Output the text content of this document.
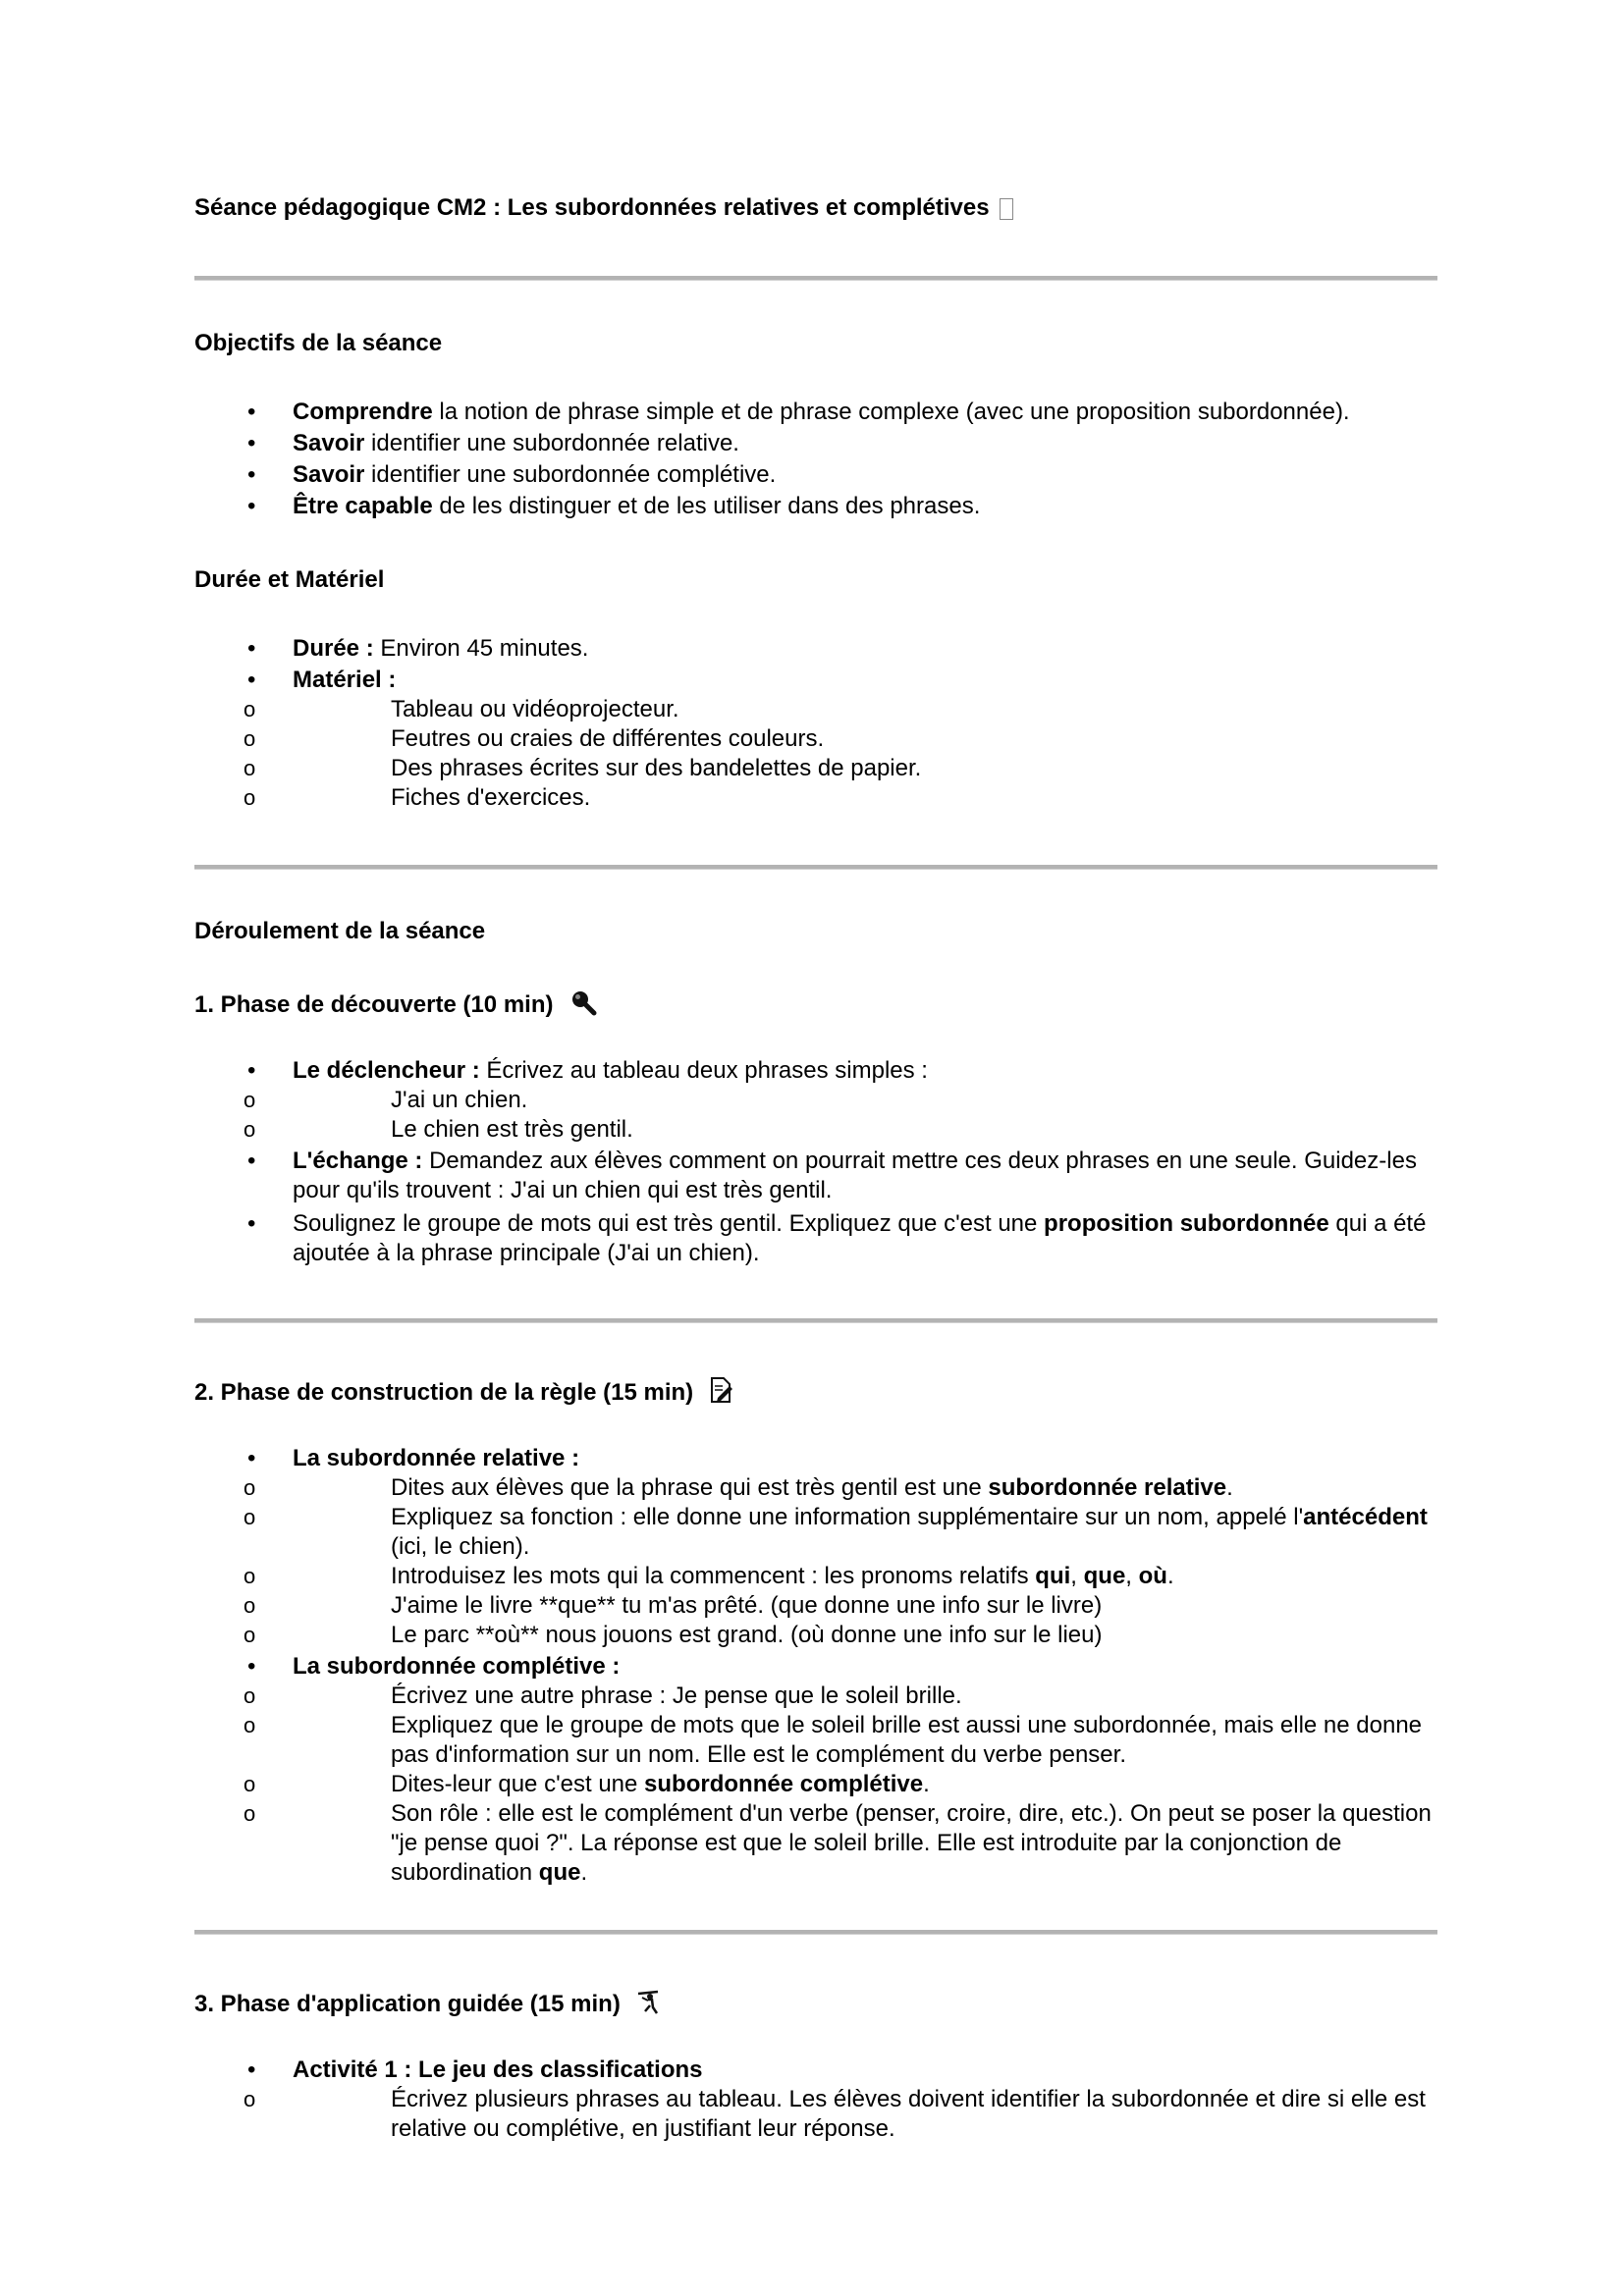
Séance pédagogique CM2 : Les subordonnées relatives et complétives
Objectifs de la séance
• Comprendre la notion de phrase simple et de phrase complexe (avec une proposition subordonnée).
• Savoir identifier une subordonnée relative.
• Savoir identifier une subordonnée complétive.
• Être capable de les distinguer et de les utiliser dans des phrases.
Durée et Matériel
• Durée : Environ 45 minutes.
• Matériel :
o Tableau ou vidéoprojecteur.
o Feutres ou craies de différentes couleurs.
o Des phrases écrites sur des bandelettes de papier.
o Fiches d'exercices.
Déroulement de la séance
1. Phase de découverte (10 min)
• Le déclencheur : Écrivez au tableau deux phrases simples :
o J'ai un chien.
o Le chien est très gentil.
• L'échange : Demandez aux élèves comment on pourrait mettre ces deux phrases en une seule. Guidez-les pour qu'ils trouvent : J'ai un chien qui est très gentil.
• Soulignez le groupe de mots qui est très gentil. Expliquez que c'est une proposition subordonnée qui a été ajoutée à la phrase principale (J'ai un chien).
2. Phase de construction de la règle (15 min)
• La subordonnée relative :
o Dites aux élèves que la phrase qui est très gentil est une subordonnée relative.
o Expliquez sa fonction : elle donne une information supplémentaire sur un nom, appelé l'antécédent (ici, le chien).
o Introduisez les mots qui la commencent : les pronoms relatifs qui, que, où.
o J'aime le livre **que** tu m'as prêté. (que donne une info sur le livre)
o Le parc **où** nous jouons est grand. (où donne une info sur le lieu)
• La subordonnée complétive :
o Écrivez une autre phrase : Je pense que le soleil brille.
o Expliquez que le groupe de mots que le soleil brille est aussi une subordonnée, mais elle ne donne pas d'information sur un nom. Elle est le complément du verbe penser.
o Dites-leur que c'est une subordonnée complétive.
o Son rôle : elle est le complément d'un verbe (penser, croire, dire, etc.). On peut se poser la question "je pense quoi ?". La réponse est que le soleil brille. Elle est introduite par la conjonction de subordination que.
3. Phase d'application guidée (15 min)
• Activité 1 : Le jeu des classifications
o Écrivez plusieurs phrases au tableau. Les élèves doivent identifier la subordonnée et dire si elle est relative ou complétive, en justifiant leur réponse.
